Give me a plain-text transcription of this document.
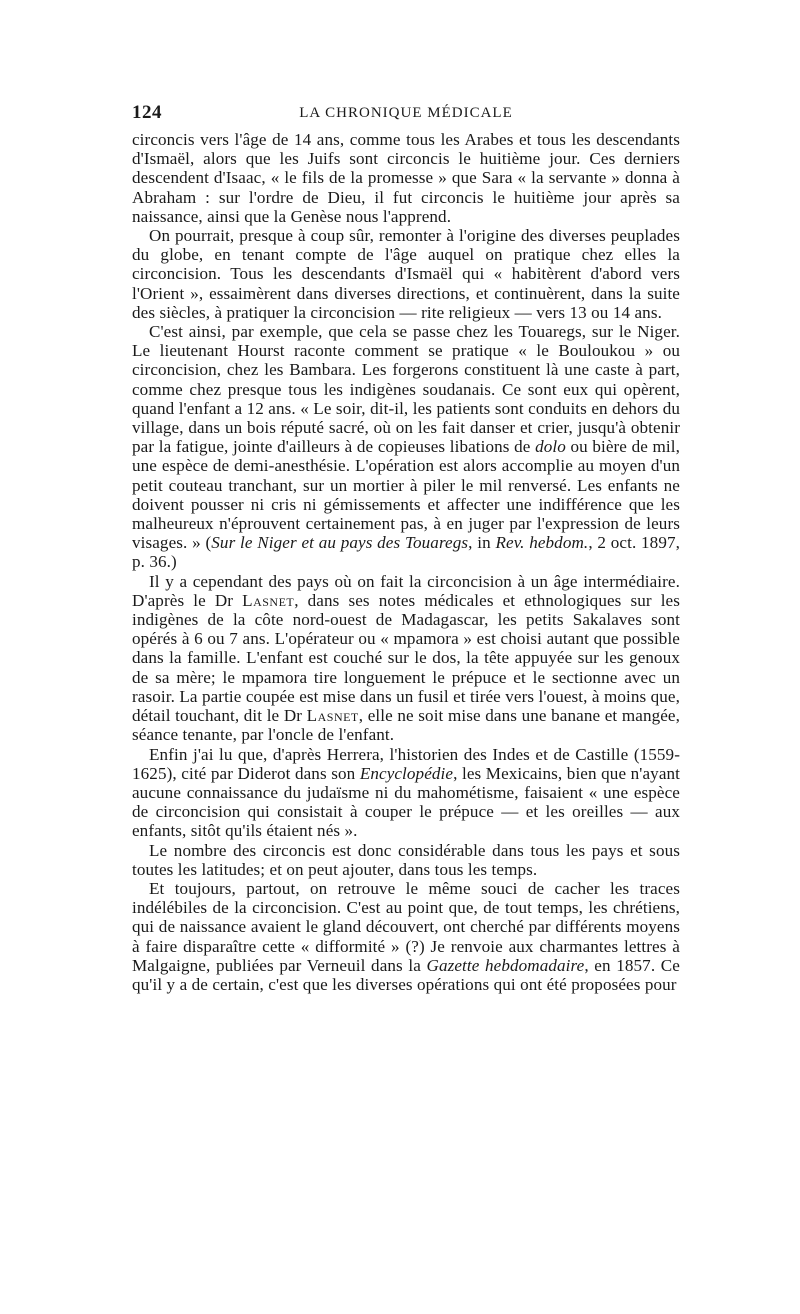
124	LA CHRONIQUE MÉDICALE

circoncis vers l'âge de 14 ans, comme tous les Arabes et tous les descendants d'Ismaël, alors que les Juifs sont circoncis le huitième jour. Ces derniers descendent d'Isaac, « le fils de la promesse » que Sara « la servante » donna à Abraham : sur l'ordre de Dieu, il fut circoncis le huitième jour après sa naissance, ainsi que la Genèse nous l'apprend.

On pourrait, presque à coup sûr, remonter à l'origine des diverses peuplades du globe, en tenant compte de l'âge auquel on pratique chez elles la circoncision. Tous les descendants d'Ismaël qui « habitèrent d'abord vers l'Orient », essaimèrent dans diverses directions, et continuèrent, dans la suite des siècles, à pratiquer la circoncision — rite religieux — vers 13 ou 14 ans.

C'est ainsi, par exemple, que cela se passe chez les Touaregs, sur le Niger. Le lieutenant Hourst raconte comment se pratique « le Bouloukou » ou circoncision, chez les Bambara. Les forgerons constituent là une caste à part, comme chez presque tous les indigènes soudanais. Ce sont eux qui opèrent, quand l'enfant a 12 ans. « Le soir, dit-il, les patients sont conduits en dehors du village, dans un bois réputé sacré, où on les fait danser et crier, jusqu'à obtenir par la fatigue, jointe d'ailleurs à de copieuses libations de dolo ou bière de mil, une espèce de demi-anesthésie. L'opération est alors accomplie au moyen d'un petit couteau tranchant, sur un mortier à piler le mil renversé. Les enfants ne doivent pousser ni cris ni gémissements et affecter une indifférence que les malheureux n'éprouvent certainement pas, à en juger par l'expression de leurs visages. » (Sur le Niger et au pays des Touaregs, in Rev. hebdom., 2 oct. 1897, p. 36.)

Il y a cependant des pays où on fait la circoncision à un âge intermédiaire. D'après le Dr Lasnet, dans ses notes médicales et ethnologiques sur les indigènes de la côte nord-ouest de Madagascar, les petits Sakalaves sont opérés à 6 ou 7 ans. L'opérateur ou « mpamora » est choisi autant que possible dans la famille. L'enfant est couché sur le dos, la tête appuyée sur les genoux de sa mère; le mpamora tire longuement le prépuce et le sectionne avec un rasoir. La partie coupée est mise dans un fusil et tirée vers l'ouest, à moins que, détail touchant, dit le Dr Lasnet, elle ne soit mise dans une banane et mangée, séance tenante, par l'oncle de l'enfant.

Enfin j'ai lu que, d'après Herrera, l'historien des Indes et de Castille (1559-1625), cité par Diderot dans son Encyclopédie, les Mexicains, bien que n'ayant aucune connaissance du judaïsme ni du mahométisme, faisaient « une espèce de circoncision qui consistait à couper le prépuce — et les oreilles — aux enfants, sitôt qu'ils étaient nés ».

Le nombre des circoncis est donc considérable dans tous les pays et sous toutes les latitudes; et on peut ajouter, dans tous les temps.

Et toujours, partout, on retrouve le même souci de cacher les traces indélébiles de la circoncision. C'est au point que, de tout temps, les chrétiens, qui de naissance avaient le gland découvert, ont cherché par différents moyens à faire disparaître cette « difformité » (?) Je renvoie aux charmantes lettres à Malgaigne, publiées par Verneuil dans la Gazette hebdomadaire, en 1857. Ce qu'il y a de certain, c'est que les diverses opérations qui ont été proposées pour
